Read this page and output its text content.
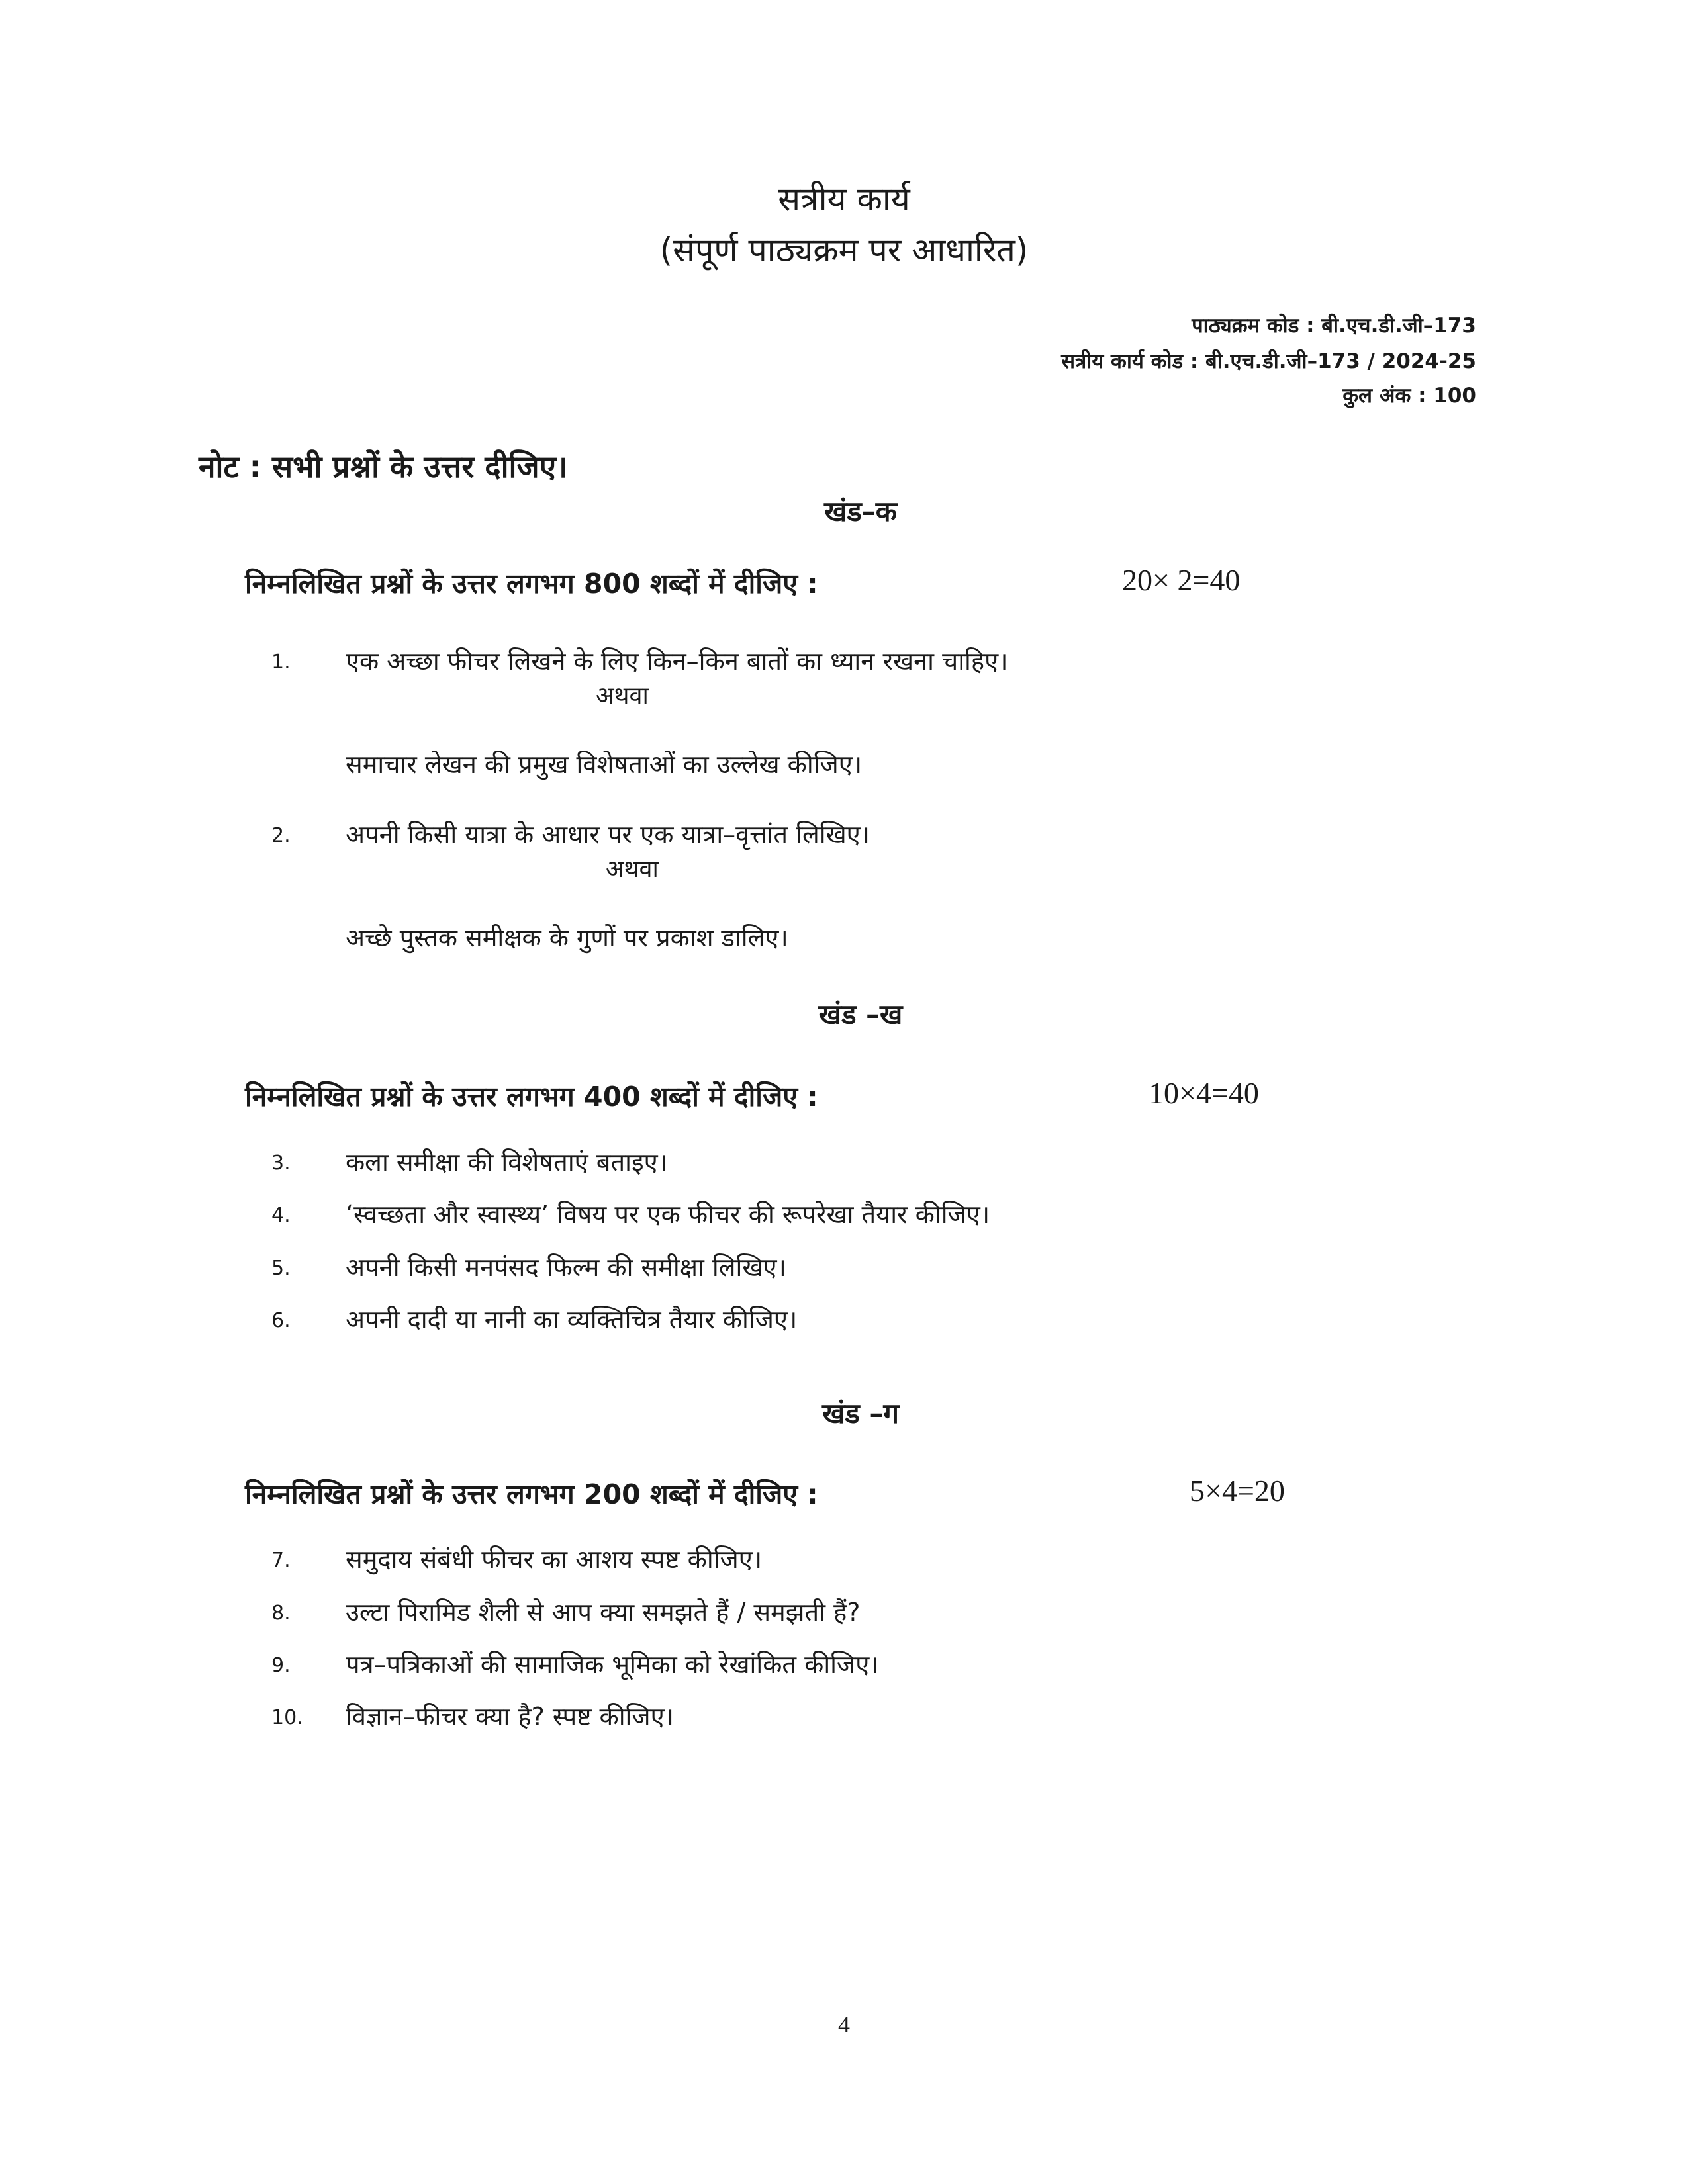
सत्रीय कार्य
(संपूर्ण पाठ्यक्रम पर आधारित)
पाठ्यक्रम कोड : बी.एच.डी.जी–173
सत्रीय कार्य कोड : बी.एच.डी.जी–173 / 2024-25
कुल अंक : 100
नोट : सभी प्रश्नों के उत्तर दीजिए।
खंड–क
निम्नलिखित प्रश्नों के उत्तर लगभग 800 शब्दों में दीजिए :	20× 2=40
1. एक अच्छा फीचर लिखने के लिए किन–किन बातों का ध्यान रखना चाहिए।
अथवा
समाचार लेखन की प्रमुख विशेषताओं का उल्लेख कीजिए।
2. अपनी किसी यात्रा के आधार पर एक यात्रा–वृत्तांत लिखिए।
अथवा
अच्छे पुस्तक समीक्षक के गुणों पर प्रकाश डालिए।
खंड –ख
निम्नलिखित प्रश्नों के उत्तर लगभग 400 शब्दों में दीजिए :	10×4=40
3. कला समीक्षा की विशेषताएं बताइए।
4. ‘स्वच्छता और स्वास्थ्य’ विषय पर एक फीचर की रूपरेखा तैयार कीजिए।
5. अपनी किसी मनपंसद फिल्म की समीक्षा लिखिए।
6. अपनी दादी या नानी का व्यक्तिचित्र तैयार कीजिए।
खंड –ग
निम्नलिखित प्रश्नों के उत्तर लगभग 200 शब्दों में दीजिए :	5×4=20
7. समुदाय संबंधी फीचर का आशय स्पष्ट कीजिए।
8. उल्टा पिरामिड शैली से आप क्या समझते हैं / समझती हैं?
9. पत्र–पत्रिकाओं की सामाजिक भूमिका को रेखांकित कीजिए।
10. विज्ञान–फीचर क्या है? स्पष्ट कीजिए।
4
